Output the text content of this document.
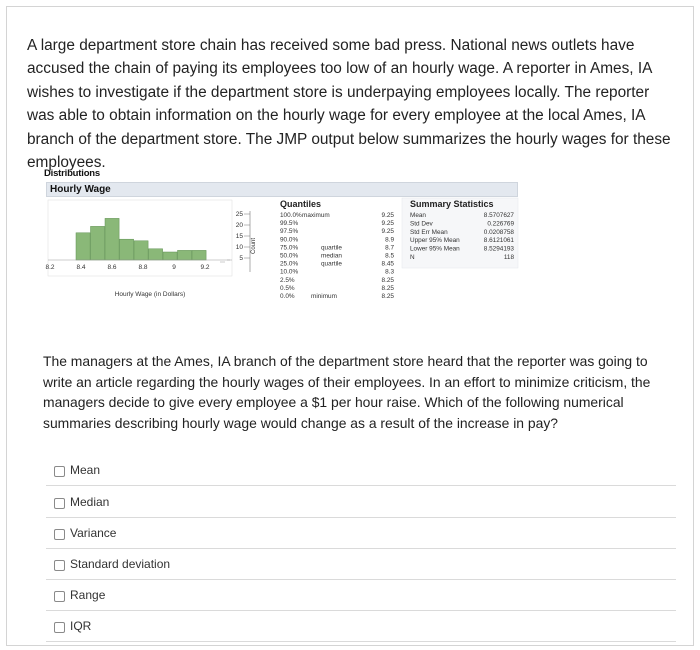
A large department store chain has received some bad press. National news outlets have accused the chain of paying its employees too low of an hourly wage. A reporter in Ames, IA wishes to investigate if the department store is underpaying employees locally. The reporter was able to obtain information on the hourly wage for every employee at the local Ames, IA branch of the department store. The JMP output below summarizes the hourly wages for these employees.

Distributions
Hourly Wage
8.2	8.4	8.6	8.8	9	9.2
Hourly Wage (in Dollars)
25
20
15
10
5
Count
Quantiles
100.0% maximum	9.25
99.5%	9.25
97.5%	9.25
90.0%	8.9
75.0%	quartile	8.7
50.0%	median	8.5
25.0%	quartile	8.45
10.0%	8.3
2.5%	8.25
0.5%	8.25
0.0%	minimum	8.25
Summary Statistics
Mean	8.5707627
Std Dev	0.226769
Std Err Mean	0.0208758
Upper 95% Mean	8.6121061
Lower 95% Mean	8.5294193
N	118

The managers at the Ames, IA branch of the department store heard that the reporter was going to write an article regarding the hourly wages of their employees. In an effort to minimize criticism, the managers decide to give every employee a $1 per hour raise. Which of the following numerical summaries describing hourly wage would change as a result of the increase in pay?

Mean
Median
Variance
Standard deviation
Range
IQR
